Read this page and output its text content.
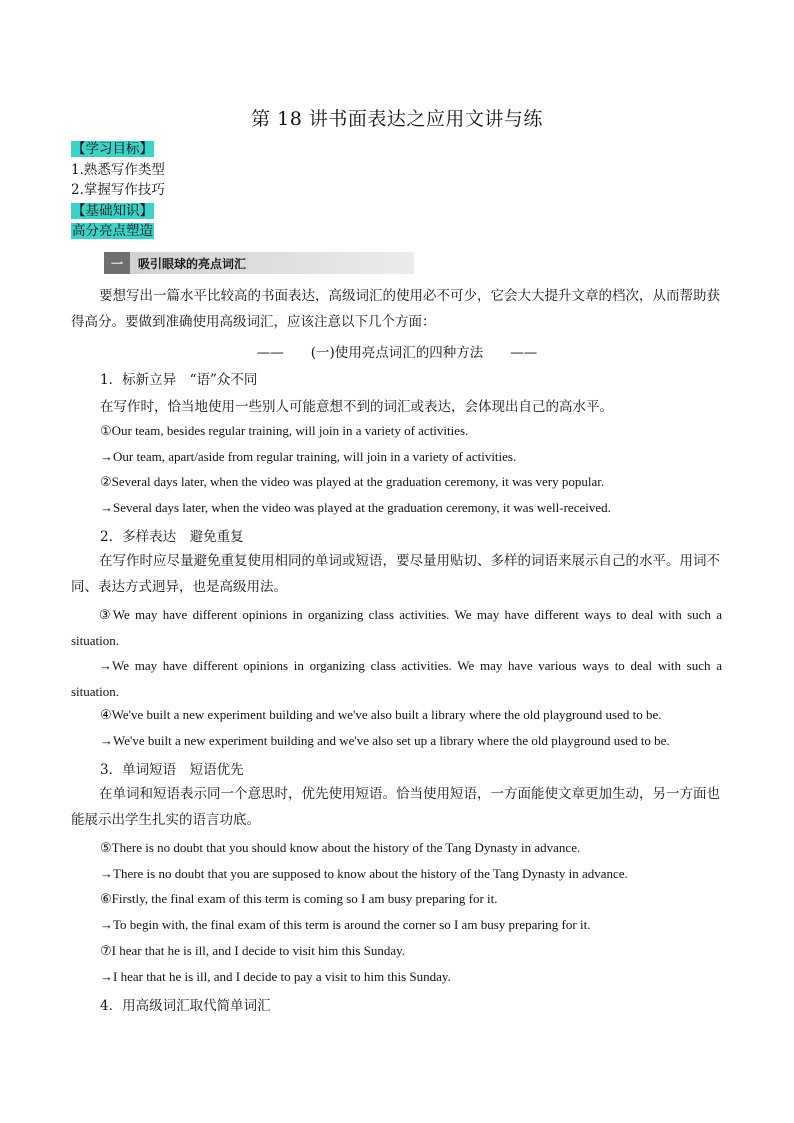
第 18 讲书面表达之应用文讲与练
【学习目标】
1.熟悉写作类型
2.掌握写作技巧
【基础知识】
高分亮点塑造
一	吸引眼球的亮点词汇
要想写出一篇水平比较高的书面表达，高级词汇的使用必不可少，它会大大提升文章的档次，从而帮助获得高分。要做到准确使用高级词汇，应该注意以下几个方面：
——　　(一)使用亮点词汇的四种方法　　——
1．标新立异　“语”众不同
在写作时，恰当地使用一些别人可能意想不到的词汇或表达，会体现出自己的高水平。
①Our team, besides regular training, will join in a variety of activities.
→Our team, apart/aside from regular training, will join in a variety of activities.
②Several days later, when the video was played at the graduation ceremony, it was very popular.
→Several days later, when the video was played at the graduation ceremony, it was well-received.
2．多样表达　避免重复
在写作时应尽量避免重复使用相同的单词或短语，要尽量用贴切、多样的词语来展示自己的水平。用词不同、表达方式迥异，也是高级用法。
③We may have different opinions in organizing class activities. We may have different ways to deal with such a situation.
→We may have different opinions in organizing class activities. We may have various ways to deal with such a situation.
④We've built a new experiment building and we've also built a library where the old playground used to be.
→We've built a new experiment building and we've also set up a library where the old playground used to be.
3．单词短语　短语优先
在单词和短语表示同一个意思时，优先使用短语。恰当使用短语，一方面能使文章更加生动，另一方面也能展示出学生扎实的语言功底。
⑤There is no doubt that you should know about the history of the Tang Dynasty in advance.
→There is no doubt that you are supposed to know about the history of the Tang Dynasty in advance.
⑥Firstly, the final exam of this term is coming so I am busy preparing for it.
→To begin with, the final exam of this term is around the corner so I am busy preparing for it.
⑦I hear that he is ill, and I decide to visit him this Sunday.
→I hear that he is ill, and I decide to pay a visit to him this Sunday.
4．用高级词汇取代简单词汇
